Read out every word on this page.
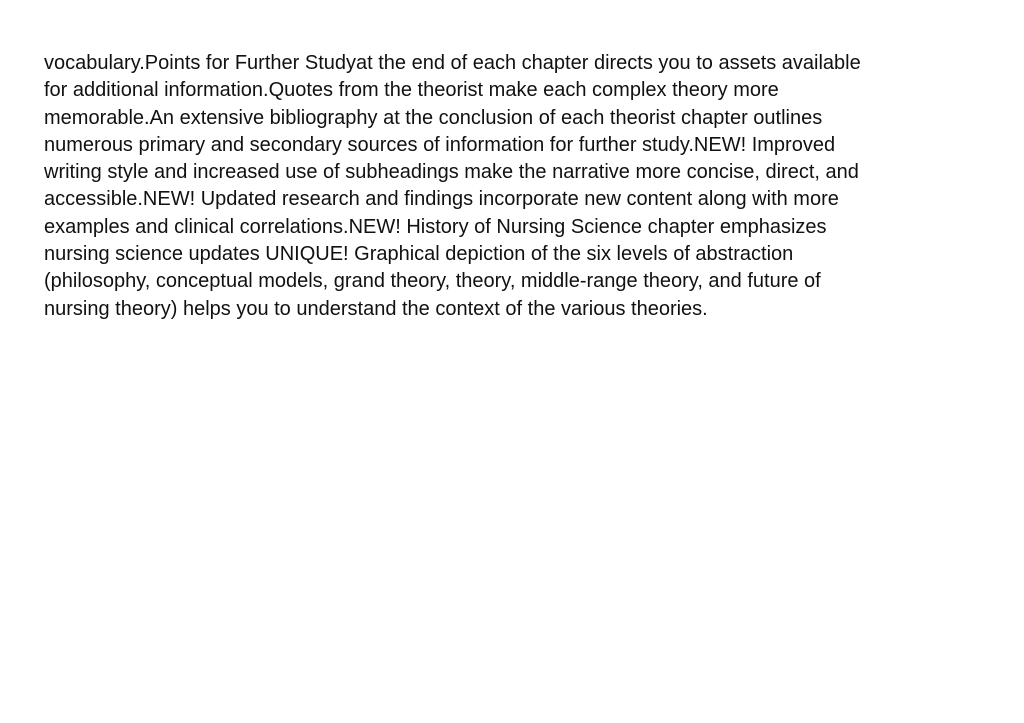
vocabulary.Points for Further Studyat the end of each chapter directs you to assets available
for additional information.Quotes from the theorist make each complex theory more
memorable.An extensive bibliography at the conclusion of each theorist chapter outlines
numerous primary and secondary sources of information for further study.NEW! Improved
writing style and increased use of subheadings make the narrative more concise, direct, and
accessible.NEW! Updated research and findings incorporate new content along with more
examples and clinical correlations.NEW! History of Nursing Science chapter emphasizes
nursing science updates UNIQUE! Graphical depiction of the six levels of abstraction
(philosophy, conceptual models, grand theory, theory, middle-range theory, and future of
nursing theory) helps you to understand the context of the various theories.
